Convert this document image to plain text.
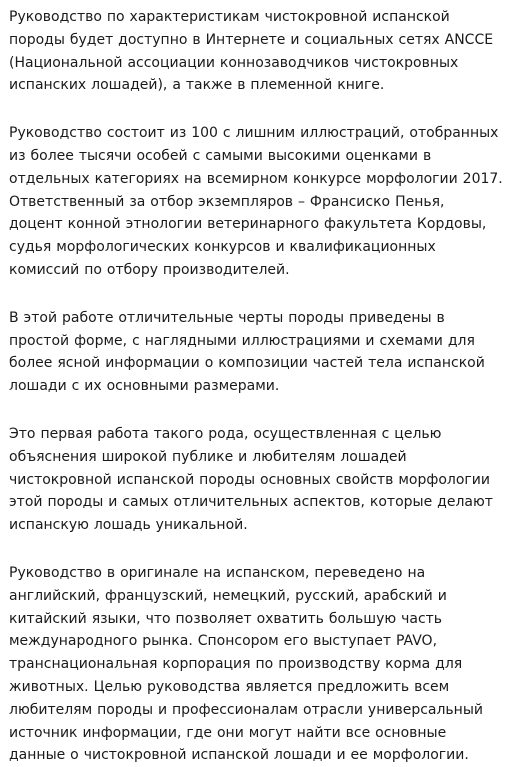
Руководство по характеристикам чистокровной испанской породы будет доступно в Интернете и социальных сетях ANCCE (Национальной ассоциации коннозаводчиков чистокровных испанских лошадей), а также в племенной книге.

Руководство состоит из 100 с лишним иллюстраций, отобранных из более тысячи особей с самыми высокими оценками в отдельных категориях на всемирном конкурсе морфологии 2017. Ответственный за отбор экземпляров – Франсиско Пенья, доцент конной этнологии ветеринарного факультета Кордовы, судья морфологических конкурсов и квалификационных комиссий по отбору производителей.

В этой работе отличительные черты породы приведены в простой форме, с наглядными иллюстрациями и схемами для более ясной информации о композиции частей тела испанской лошади с их основными размерами.

Это первая работа такого рода, осуществленная с целью объяснения широкой публике и любителям лошадей чистокровной испанской породы основных свойств морфологии этой породы и самых отличительных аспектов, которые делают испанскую лошадь уникальной.

Руководство в оригинале на испанском, переведено на английский, французский, немецкий, русский, арабский и китайский языки, что позволяет охватить большую часть международного рынка. Спонсором его выступает PAVO, транснациональная корпорация по производству корма для животных. Целью руководства является предложить всем любителям породы и профессионалам отрасли универсальный источник информации, где они могут найти все основные данные о чистокровной испанской лошади и ее морфологии.
